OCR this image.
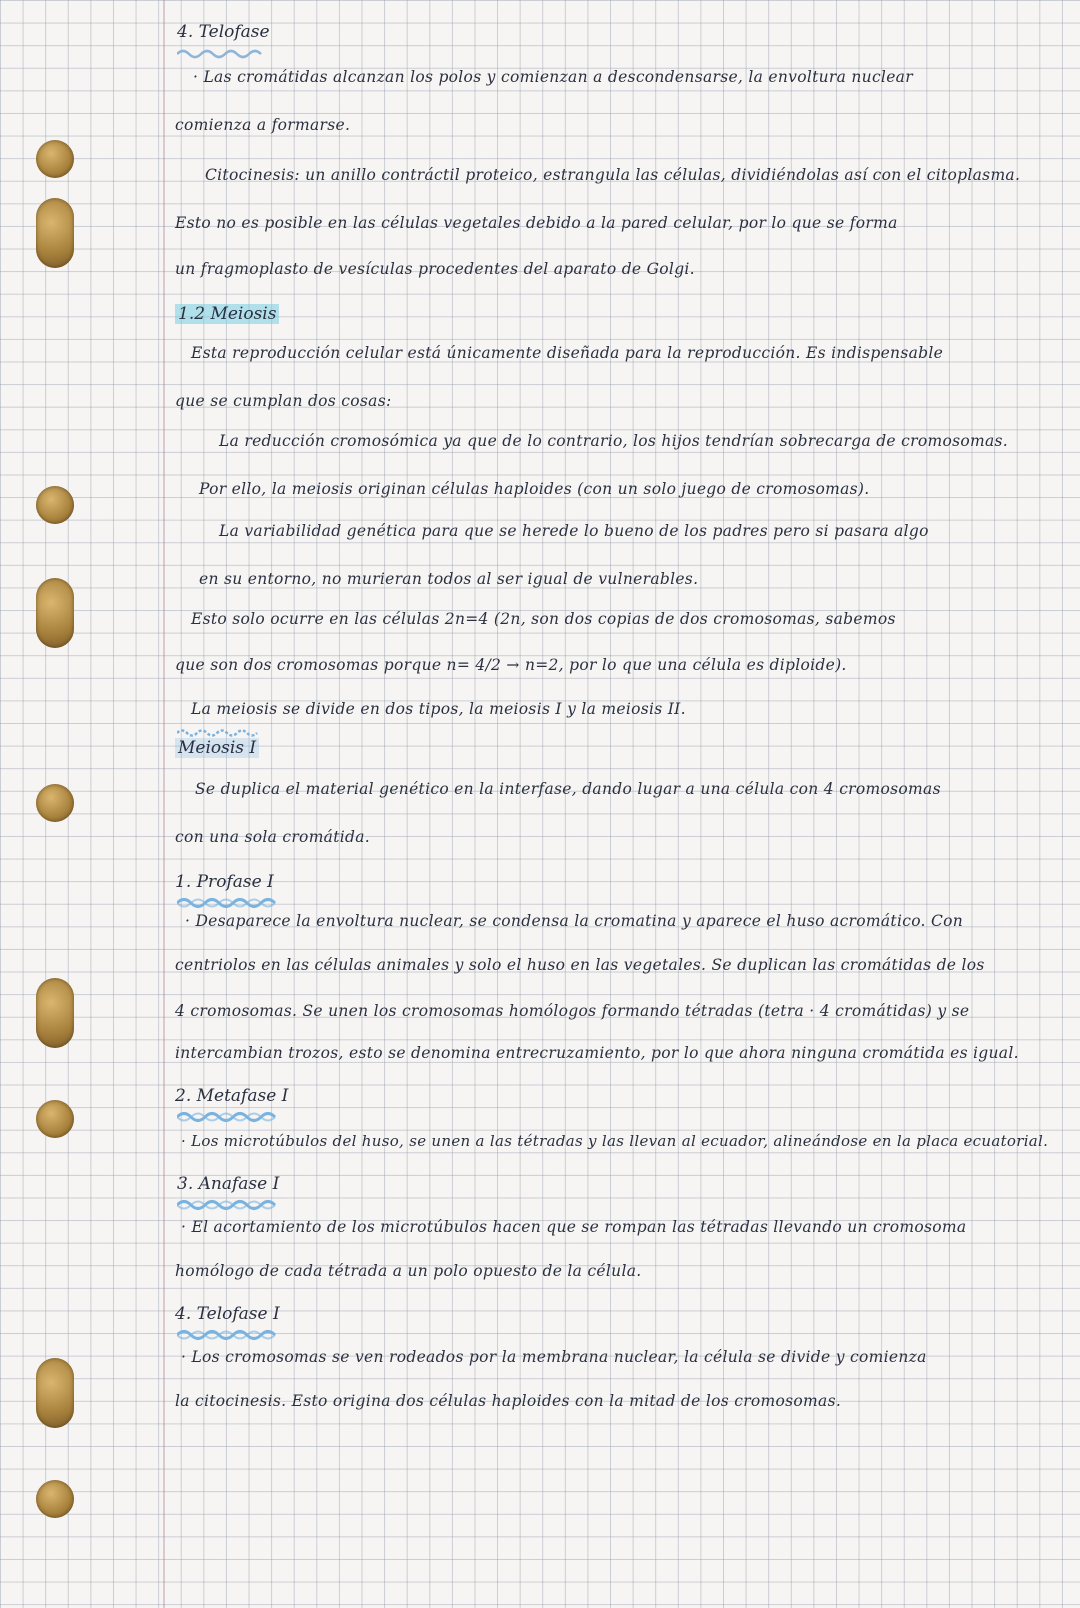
4. Telofase
· Las cromátidas alcanzan los polos y comienzan a descondensarse, la envoltura nuclear
comienza a formarse.
Citocinesis: un anillo contráctil proteico, estrangula las células, dividiéndolas así con el citoplasma.
Esto no es posible en las células vegetales debido a la pared celular, por lo que se forma
un fragmoplasto de vesículas procedentes del aparato de Golgi.
1.2 Meiosis
Esta reproducción celular está únicamente diseñada para la reproducción. Es indispensable
que se cumplan dos cosas:
La reducción cromosómica ya que de lo contrario, los hijos tendrían sobrecarga de cromosomas.
Por ello, la meiosis originan células haploides (con un solo juego de cromosomas).
La variabilidad genética para que se herede lo bueno de los padres pero si pasara algo
en su entorno, no murieran todos al ser igual de vulnerables.
Esto solo ocurre en las células 2n=4 (2n, son dos copias de dos cromosomas, sabemos
que son dos cromosomas porque n= 4/2 → n=2, por lo que una célula es diploide).
La meiosis se divide en dos tipos, la meiosis I y la meiosis II.
Meiosis I
Se duplica el material genético en la interfase, dando lugar a una célula con 4 cromosomas
con una sola cromátida.
1. Profase I
· Desaparece la envoltura nuclear, se condensa la cromatina y aparece el huso acromático. Con
centriolos en las células animales y solo el huso en las vegetales. Se duplican las cromátidas de los
4 cromosomas. Se unen los cromosomas homólogos formando tétradas (tetra · 4 cromátidas) y se
intercambian trozos, esto se denomina entrecruzamiento, por lo que ahora ninguna cromátida es igual.
2. Metafase I
· Los microtúbulos del huso, se unen a las tétradas y las llevan al ecuador, alineándose en la placa ecuatorial.
3. Anafase I
· El acortamiento de los microtúbulos hacen que se rompan las tétradas llevando un cromosoma
homólogo de cada tétrada a un polo opuesto de la célula.
4. Telofase I
· Los cromosomas se ven rodeados por la membrana nuclear, la célula se divide y comienza
la citocinesis. Esto origina dos células haploides con la mitad de los cromosomas.
